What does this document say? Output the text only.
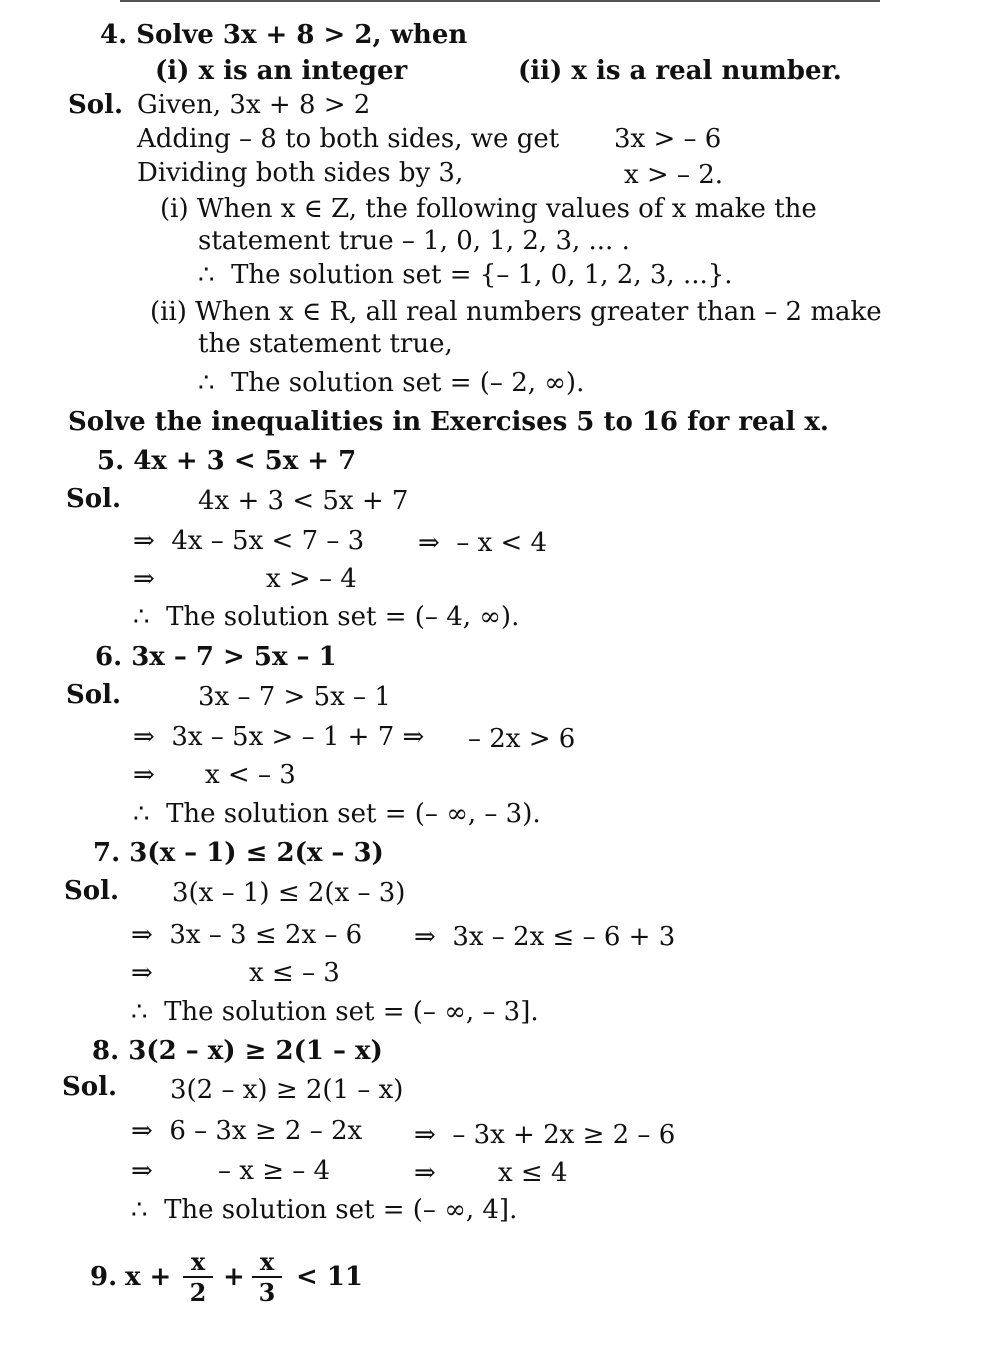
4. Solve 3x + 8 > 2, when
(i) x is an integer	(ii) x is a real number.
Sol. Given, 3x + 8 > 2
Adding – 8 to both sides, we get 3x > – 6
Dividing both sides by 3,	x > – 2.
(i) When x ∈ Z, the following values of x make the
statement true – 1, 0, 1, 2, 3, ... .
∴  The solution set = {– 1, 0, 1, 2, 3, ...}.
(ii) When x ∈ R, all real numbers greater than – 2 make
the statement true,
∴  The solution set = (– 2, ∞).
Solve the inequalities in Exercises 5 to 16 for real x.
5. 4x + 3 < 5x + 7
Sol.	4x + 3 < 5x + 7
⇒  4x – 5x < 7 – 3 ⇒  – x < 4
⇒	x > – 4
∴  The solution set = (– 4, ∞).
6. 3x – 7 > 5x – 1
Sol.	3x – 7 > 5x – 1
⇒  3x – 5x > – 1 + 7 ⇒ – 2x > 6
⇒ x < – 3
∴  The solution set = (– ∞, – 3).
7. 3(x – 1) ≤ 2(x – 3)
Sol. 3(x – 1) ≤ 2(x – 3)
⇒  3x – 3 ≤ 2x – 6 ⇒  3x – 2x ≤ – 6 + 3
⇒	x ≤ – 3
∴  The solution set = (– ∞, – 3].
8. 3(2 – x) ≥ 2(1 – x)
Sol. 3(2 – x) ≥ 2(1 – x)
⇒  6 – 3x ≥ 2 – 2x ⇒  – 3x + 2x ≥ 2 – 6
⇒	– x ≥ – 4	⇒ x ≤ 4
∴  The solution set = (– ∞, 4].
9. x +
x
2
+
x
3
< 11
